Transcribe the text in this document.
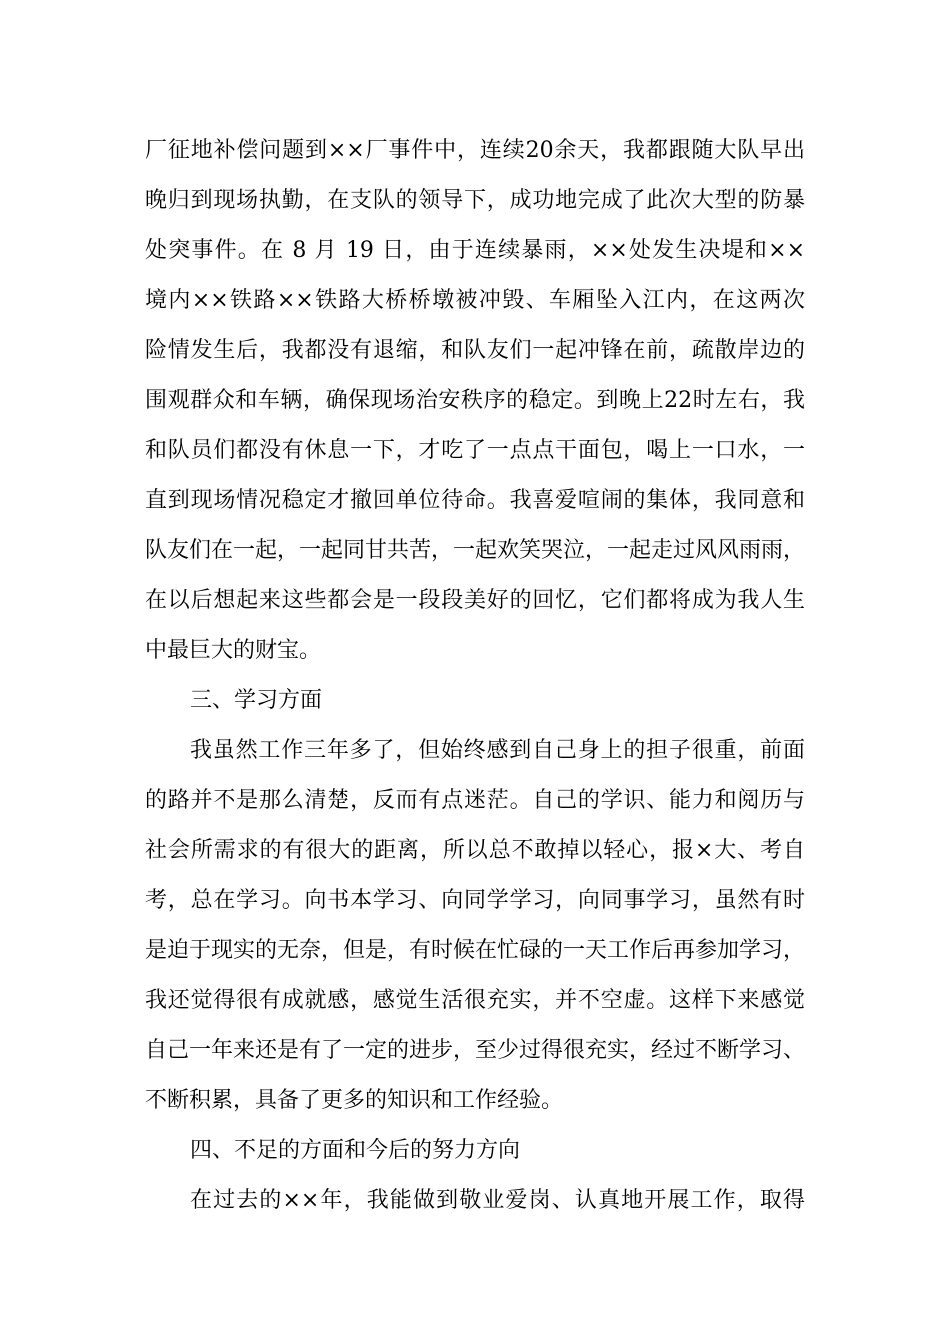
厂征地补偿问题到××厂事件中，连续20余天，我都跟随大队早出
晚归到现场执勤，在支队的领导下，成功地完成了此次大型的防暴
处突事件。在 8 月 19 日，由于连续暴雨，××处发生决堤和××
境内××铁路××铁路大桥桥墩被冲毁、车厢坠入江内，在这两次
险情发生后，我都没有退缩，和队友们一起冲锋在前，疏散岸边的
围观群众和车辆，确保现场治安秩序的稳定。到晚上22时左右，我
和队员们都没有休息一下，才吃了一点点干面包，喝上一口水，一
直到现场情况稳定才撤回单位待命。我喜爱喧闹的集体，我同意和
队友们在一起，一起同甘共苦，一起欢笑哭泣，一起走过风风雨雨，
在以后想起来这些都会是一段段美好的回忆，它们都将成为我人生
中最巨大的财宝。
三、学习方面
我虽然工作三年多了，但始终感到自己身上的担子很重，前面
的路并不是那么清楚，反而有点迷茫。自己的学识、能力和阅历与
社会所需求的有很大的距离，所以总不敢掉以轻心，报×大、考自
考，总在学习。向书本学习、向同学学习，向同事学习，虽然有时
是迫于现实的无奈，但是，有时候在忙碌的一天工作后再参加学习，
我还觉得很有成就感，感觉生活很充实，并不空虚。这样下来感觉
自己一年来还是有了一定的进步，至少过得很充实，经过不断学习、
不断积累，具备了更多的知识和工作经验。
四、不足的方面和今后的努力方向
在过去的××年，我能做到敬业爱岗、认真地开展工作，取得
